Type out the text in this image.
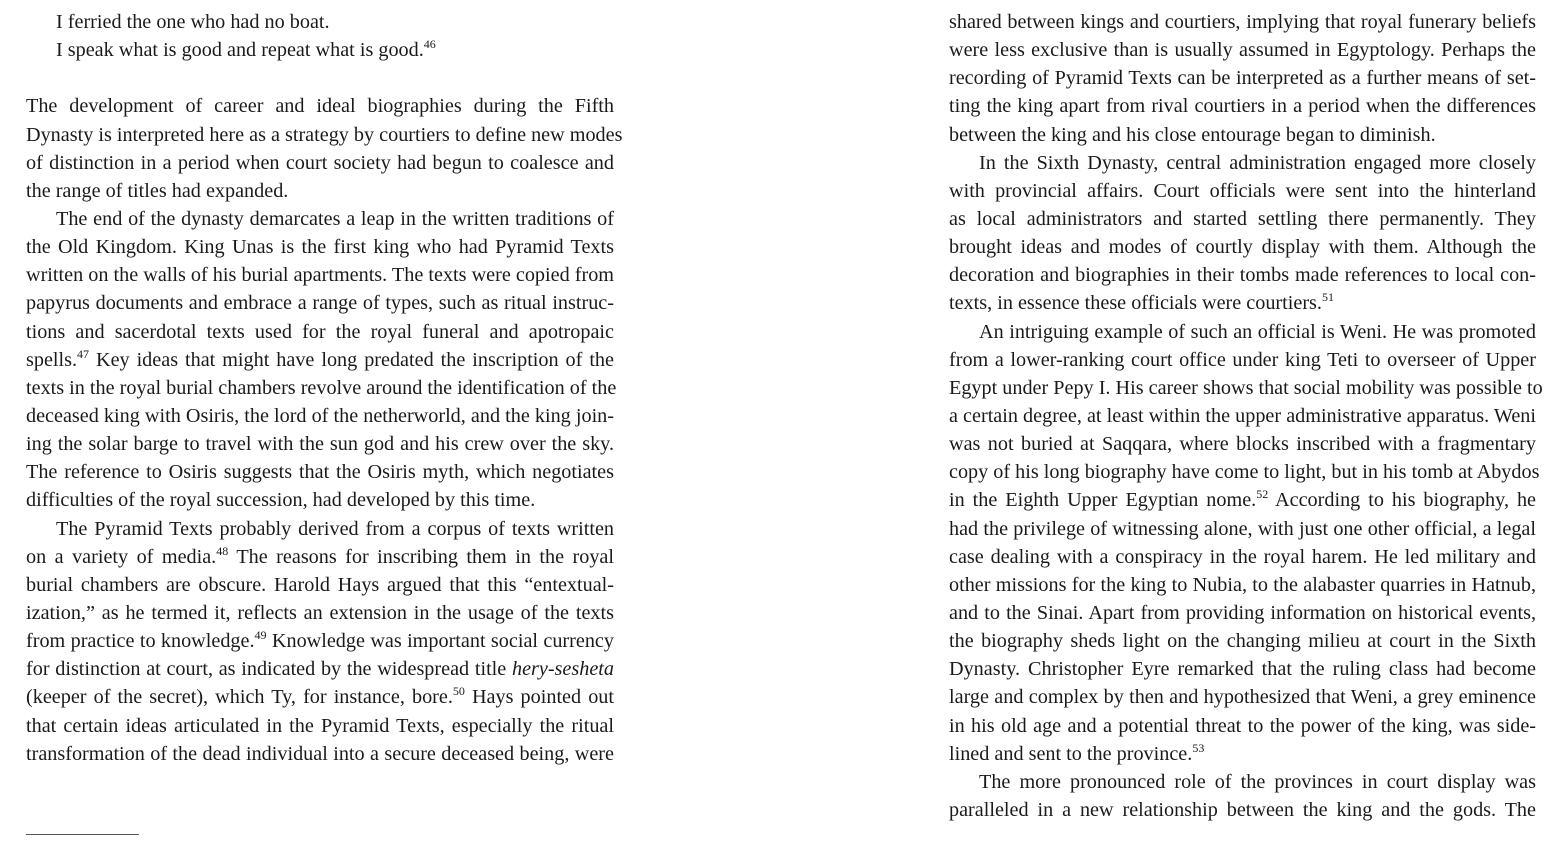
I ferried the one who had no boat.
I speak what is good and repeat what is good.$^{46}$
The development of career and ideal biographies during the Fifth
Dynasty is interpreted here as a strategy by courtiers to define new modes
of distinction in a period when court society had begun to coalesce and
the range of titles had expanded.
The end of the dynasty demarcates a leap in the written traditions of
the Old Kingdom. King Unas is the first king who had Pyramid Texts
written on the walls of his burial apartments. The texts were copied from
papyrus documents and embrace a range of types, such as ritual instruc-
tions and sacerdotal texts used for the royal funeral and apotropaic
spells.$^{47}$ Key ideas that might have long predated the inscription of the
texts in the royal burial chambers revolve around the identification of the
deceased king with Osiris, the lord of the netherworld, and the king join-
ing the solar barge to travel with the sun god and his crew over the sky.
The reference to Osiris suggests that the Osiris myth, which negotiates
difficulties of the royal succession, had developed by this time.
The Pyramid Texts probably derived from a corpus of texts written
on a variety of media.$^{48}$ The reasons for inscribing them in the royal
burial chambers are obscure. Harold Hays argued that this “entextual-
ization,” as he termed it, reflects an extension in the usage of the texts
from practice to knowledge.$^{49}$ Knowledge was important social currency
for distinction at court, as indicated by the widespread title hery-sesheta
(keeper of the secret), which Ty, for instance, bore.$^{50}$ Hays pointed out
that certain ideas articulated in the Pyramid Texts, especially the ritual
transformation of the dead individual into a secure deceased being, were
shared between kings and courtiers, implying that royal funerary beliefs
were less exclusive than is usually assumed in Egyptology. Perhaps the
recording of Pyramid Texts can be interpreted as a further means of set-
ting the king apart from rival courtiers in a period when the differences
between the king and his close entourage began to diminish.
In the Sixth Dynasty, central administration engaged more closely
with provincial affairs. Court officials were sent into the hinterland
as local administrators and started settling there permanently. They
brought ideas and modes of courtly display with them. Although the
decoration and biographies in their tombs made references to local con-
texts, in essence these officials were courtiers.$^{51}$
An intriguing example of such an official is Weni. He was promoted
from a lower-ranking court office under king Teti to overseer of Upper
Egypt under Pepy I. His career shows that social mobility was possible to
a certain degree, at least within the upper administrative apparatus. Weni
was not buried at Saqqara, where blocks inscribed with a fragmentary
copy of his long biography have come to light, but in his tomb at Abydos
in the Eighth Upper Egyptian nome.$^{52}$ According to his biography, he
had the privilege of witnessing alone, with just one other official, a legal
case dealing with a conspiracy in the royal harem. He led military and
other missions for the king to Nubia, to the alabaster quarries in Hatnub,
and to the Sinai. Apart from providing information on historical events,
the biography sheds light on the changing milieu at court in the Sixth
Dynasty. Christopher Eyre remarked that the ruling class had become
large and complex by then and hypothesized that Weni, a grey eminence
in his old age and a potential threat to the power of the king, was side-
lined and sent to the province.$^{53}$
The more pronounced role of the provinces in court display was
paralleled in a new relationship between the king and the gods. The
